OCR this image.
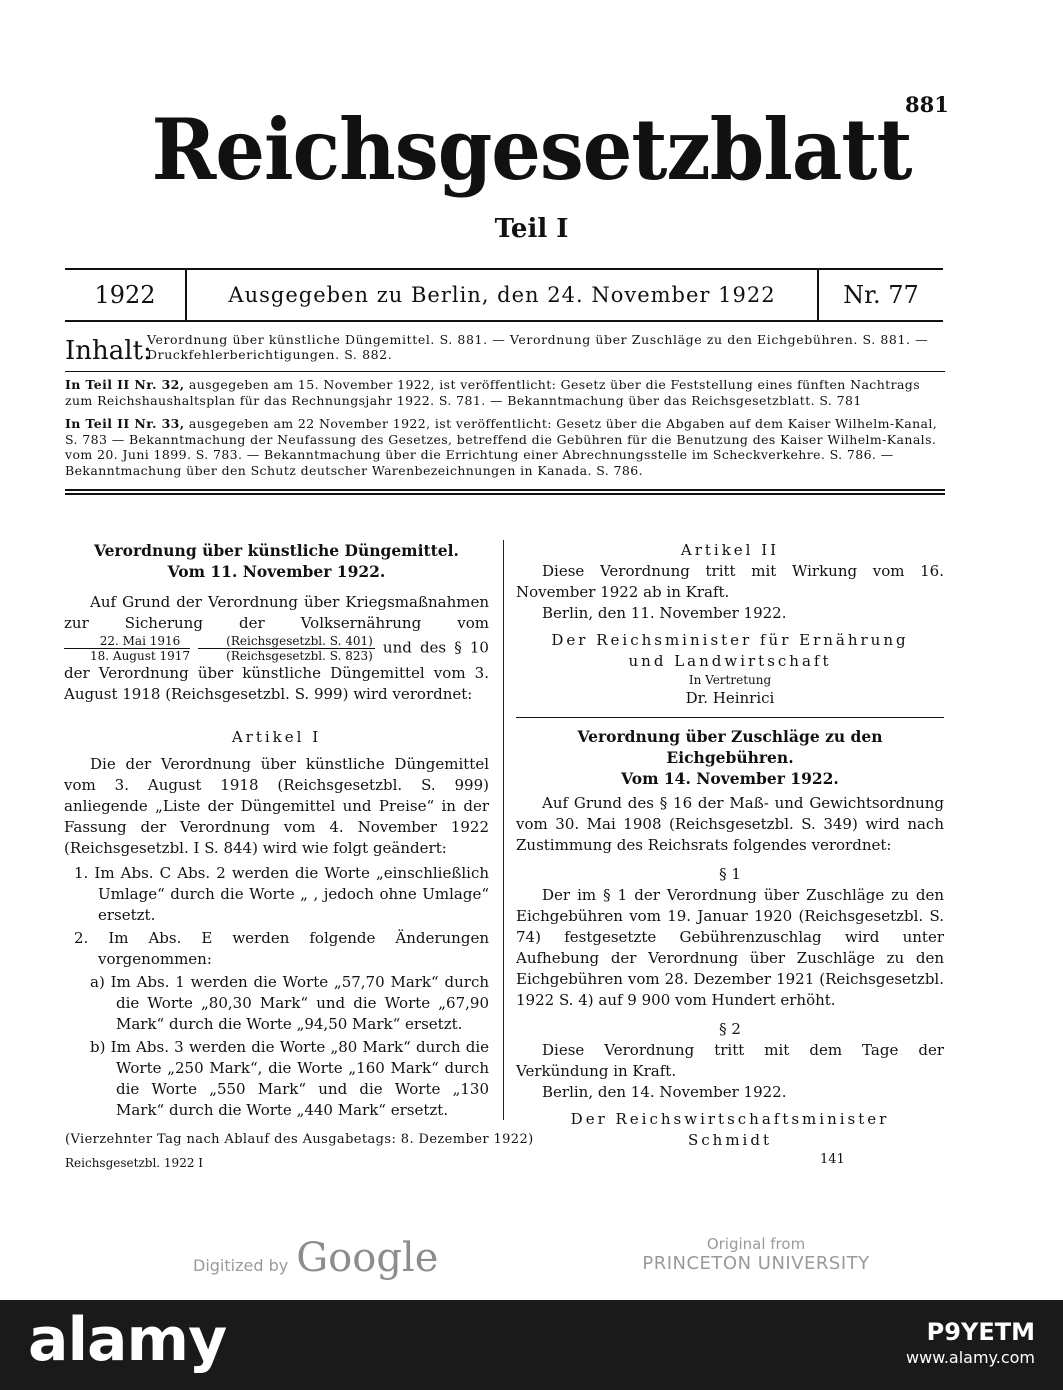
881
Reichsgesetzblatt
Teil I
1922	Ausgegeben zu Berlin, den 24. November 1922	Nr. 77
Inhalt:
Verordnung über künstliche Düngemittel. S. 881. — Verordnung über Zuschläge zu den Eichgebühren. S. 881. — Druckfehlerberichtigungen. S. 882.
In Teil II Nr. 32, ausgegeben am 15. November 1922, ist veröffentlicht: Gesetz über die Feststellung eines fünften Nachtrags zum Reichshaushaltsplan für das Rechnungsjahr 1922. S. 781. — Bekanntmachung über das Reichsgesetzblatt. S. 781
In Teil II Nr. 33, ausgegeben am 22 November 1922, ist veröffentlicht: Gesetz über die Abgaben auf dem Kaiser Wilhelm-Kanal, S. 783 — Bekanntmachung der Neufassung des Gesetzes, betreffend die Gebühren für die Benutzung des Kaiser Wilhelm-Kanals. vom 20. Juni 1899. S. 783. — Bekanntmachung über die Errichtung einer Abrechnungsstelle im Scheckverkehre. S. 786. — Bekanntmachung über den Schutz deutscher Warenbezeichnungen in Kanada. S. 786.
Verordnung über künstliche Düngemittel.
Vom 11. November 1922.

Auf Grund der Verordnung über Kriegsmaßnahmen zur Sicherung der Volksernährung vom
$\frac{\text{22. Mai 1916}}{\text{18. August 1917}}$
$\frac{\text{(Reichsgesetzbl. S. 401)}}{\text{(Reichsgesetzbl. S. 823)}}$ und des § 10 der Verordnung über künstliche Düngemittel vom 3. August 1918 (Reichsgesetzbl. S. 999) wird verordnet:

Artikel I

Die der Verordnung über künstliche Düngemittel vom 3. August 1918 (Reichsgesetzbl. S. 999) anliegende „Liste der Düngemittel und Preise“ in der Fassung der Verordnung vom 4. November 1922 (Reichsgesetzbl. I S. 844) wird wie folgt geändert:

1. Im Abs. C Abs. 2 werden die Worte „einschließlich Umlage“ durch die Worte „ , jedoch ohne Umlage“ ersetzt.

2. Im Abs. E werden folgende Änderungen vorgenommen:

a) Im Abs. 1 werden die Worte „57,70 Mark“ durch die Worte „80,30 Mark“ und die Worte „67,90 Mark“ durch die Worte „94,50 Mark“ ersetzt.

b) Im Abs. 3 werden die Worte „80 Mark“ durch die Worte „250 Mark“, die Worte „160 Mark“ durch die Worte „550 Mark“ und die Worte „130 Mark“ durch die Worte „440 Mark“ ersetzt.

Artikel II

Diese Verordnung tritt mit Wirkung vom 16. November 1922 ab in Kraft.

Berlin, den 11. November 1922.

Der Reichsminister für Ernährung
und Landwirtschaft
In Vertretung
Dr. Heinrici
Verordnung über Zuschläge zu den Eichgebühren.
Vom 14. November 1922.

Auf Grund des § 16 der Maß- und Gewichtsordnung vom 30. Mai 1908 (Reichsgesetzbl. S. 349) wird nach Zustimmung des Reichsrats folgendes verordnet:

§ 1

Der im § 1 der Verordnung über Zuschläge zu den Eichgebühren vom 19. Januar 1920 (Reichsgesetzbl. S. 74) festgesetzte Gebührenzuschlag wird unter Aufhebung der Verordnung über Zuschläge zu den Eichgebühren vom 28. Dezember 1921 (Reichsgesetzbl. 1922 S. 4) auf 9 900 vom Hundert erhöht.

§ 2

Diese Verordnung tritt mit dem Tage der Verkündung in Kraft.

Berlin, den 14. November 1922.

Der Reichswirtschaftsminister
Schmidt
(Vierzehnter Tag nach Ablauf des Ausgabetags: 8. Dezember 1922)
Reichsgesetzbl. 1922 I	141
Digitized by Google	Original from
PRINCETON UNIVERSITY
alamy	P9YETM
www.alamy.com
